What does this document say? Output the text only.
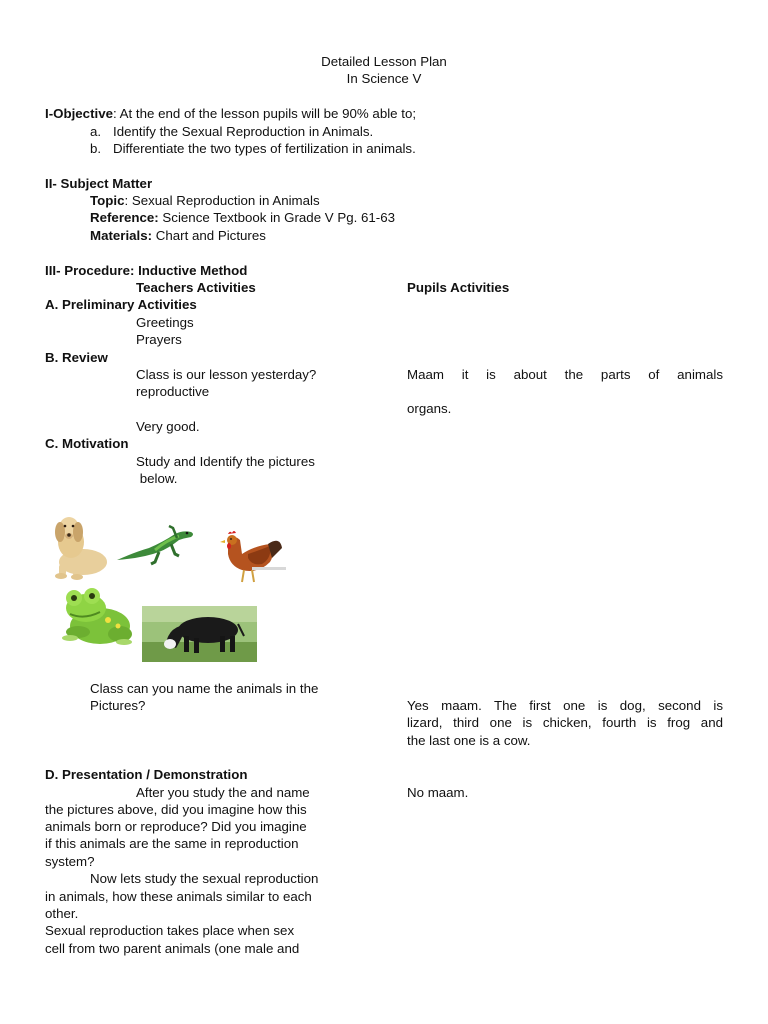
Detailed Lesson Plan
In Science V
I-Objective: At the end of the lesson pupils will be 90% able to;
a. Identify the Sexual Reproduction in Animals.
b. Differentiate the two types of fertilization in animals.
II- Subject Matter
Topic: Sexual Reproduction in Animals
Reference: Science Textbook in Grade V Pg. 61-63
Materials: Chart and Pictures
III- Procedure: Inductive Method
Teachers Activities	Pupils Activities
A. Preliminary Activities
Greetings
Prayers
B. Review
Class is our lesson yesterday?	Maam it is about the parts of animals
reproductive
organs.
Very good.
C. Motivation
Study and Identify the pictures
below.
Class can you name the animals in the
Pictures?	Yes maam. The first one is dog, second is
lizard, third one is chicken, fourth is frog and
the last one is a cow.
D. Presentation / Demonstration
After you study the and name	No maam.
the pictures above, did you imagine how this
animals born or reproduce? Did you imagine
if this animals are the same in reproduction
system?
Now lets study the sexual reproduction
in animals, how these animals similar to each
other.
Sexual reproduction takes place when sex
cell from two parent animals (one male and
